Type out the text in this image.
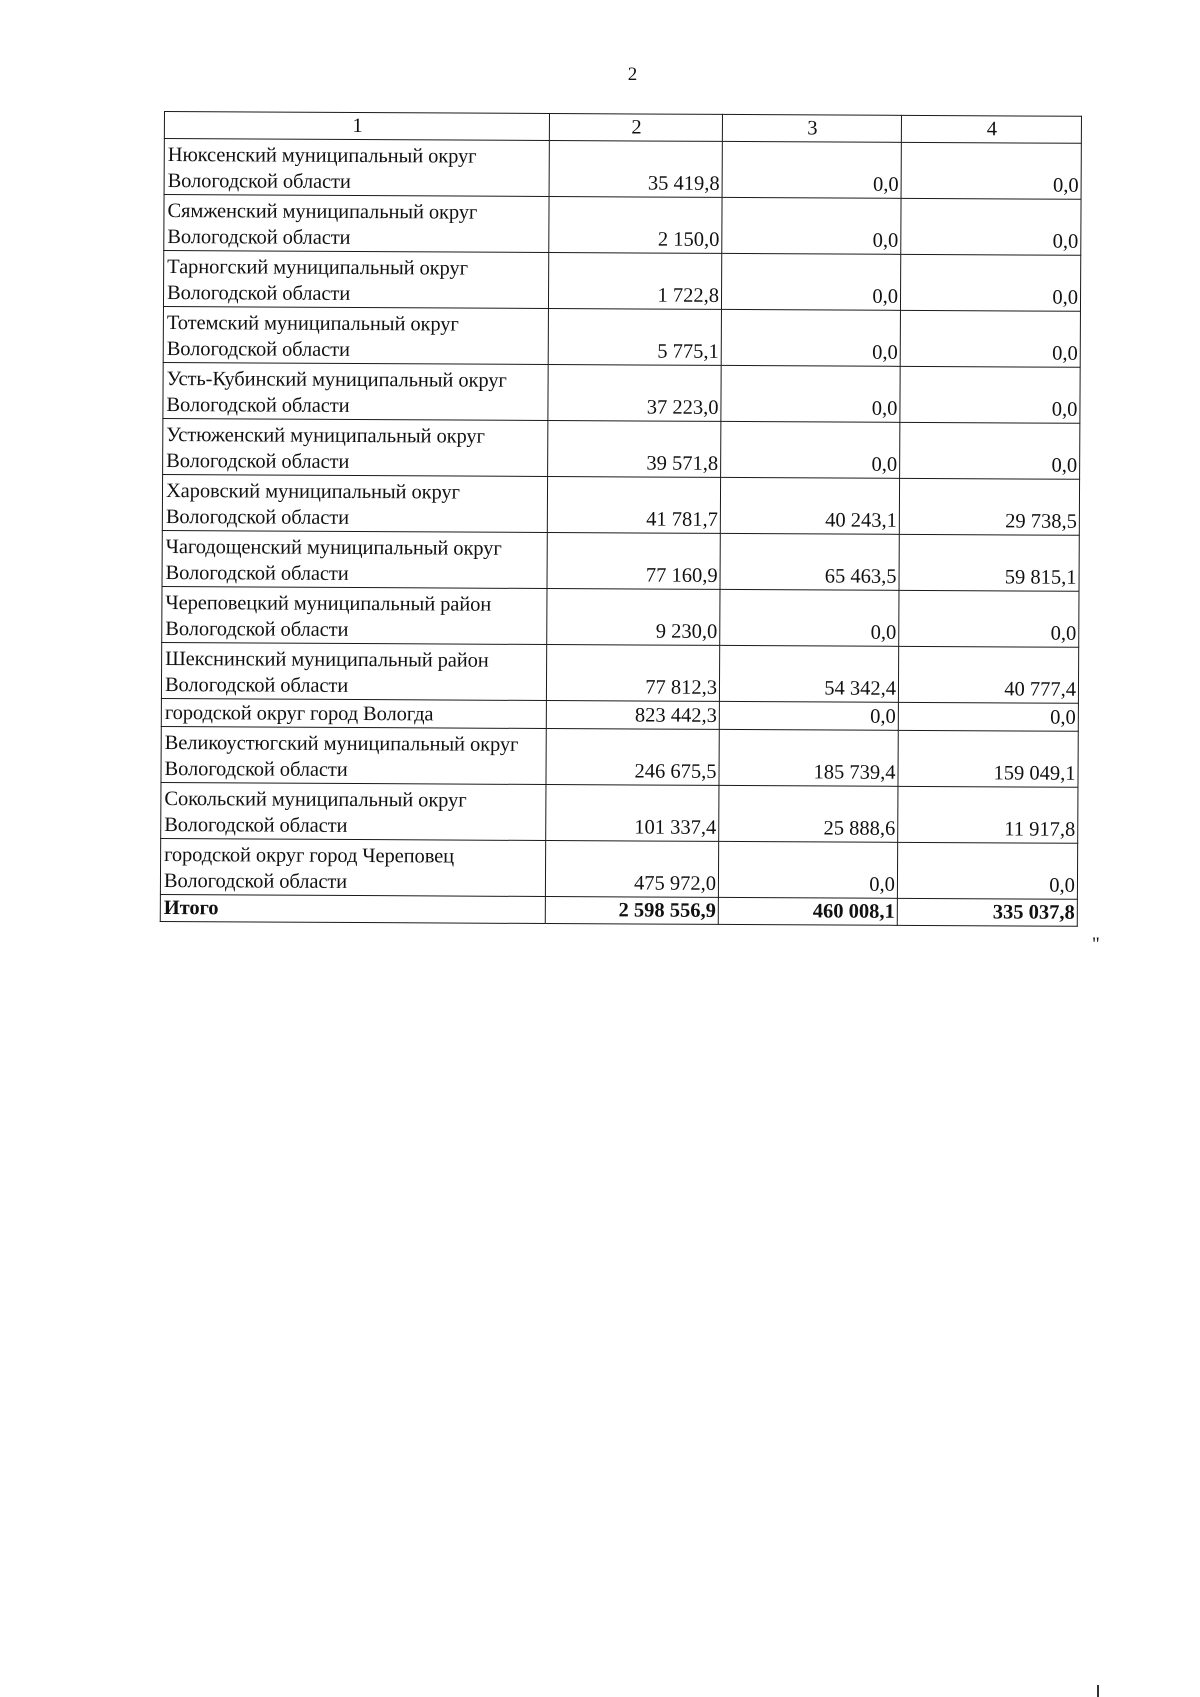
2
1	2	3	4
Нюксенский муниципальный округ Вологодской области	35 419,8	0,0	0,0
Сямженский муниципальный округ Вологодской области	2 150,0	0,0	0,0
Тарногский муниципальный округ Вологодской области	1 722,8	0,0	0,0
Тотемский муниципальный округ Вологодской области	5 775,1	0,0	0,0
Усть-Кубинский муниципальный округ Вологодской области	37 223,0	0,0	0,0
Устюженский муниципальный округ Вологодской области	39 571,8	0,0	0,0
Харовский муниципальный округ Вологодской области	41 781,7	40 243,1	29 738,5
Чагодощенский муниципальный округ Вологодской области	77 160,9	65 463,5	59 815,1
Череповецкий муниципальный район Вологодской области	9 230,0	0,0	0,0
Шекснинский муниципальный район Вологодской области	77 812,3	54 342,4	40 777,4
городской округ город Вологда	823 442,3	0,0	0,0
Великоустюгский муниципальный округ Вологодской области	246 675,5	185 739,4	159 049,1
Сокольский муниципальный округ Вологодской области	101 337,4	25 888,6	11 917,8
городской округ город Череповец Вологодской области	475 972,0	0,0	0,0
Итого	2 598 556,9	460 008,1	335 037,8
"
